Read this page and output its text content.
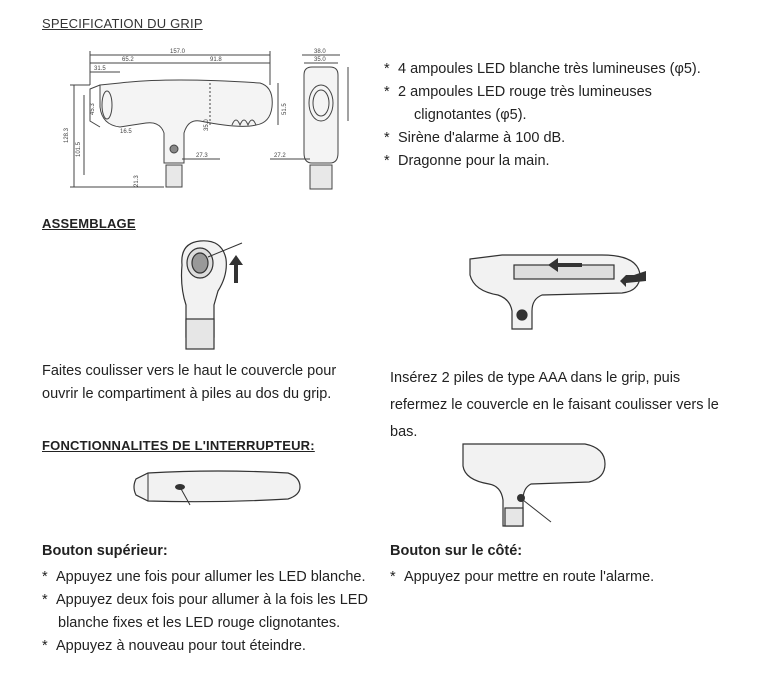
SPECIFICATION DU GRIP
157.0
65.2	91.8
31.5
16.5
128.3
101.5
21.3
45.3
35.0
51.5
27.3
38.0
35.0
27.2
* 4 ampoules LED blanche très lumineuses (φ5).
* 2 ampoules LED rouge très lumineuses
clignotantes (φ5).
* Sirène d'alarme à 100 dB.
* Dragonne pour la main.
ASSEMBLAGE
Faites coulisser vers le haut le couvercle pour ouvrir le compartiment à piles au dos du grip.
Insérez 2 piles de type AAA dans le grip, puis refermez le couvercle en le faisant coulisser vers le bas.
FONCTIONNALITES DE L'INTERRUPTEUR:
Bouton supérieur:
* Appuyez une fois pour allumer les LED blanche.
* Appuyez deux fois pour allumer à la fois les LED
blanche fixes et les LED rouge clignotantes.
* Appuyez à nouveau pour tout éteindre.
Bouton sur le côté:
* Appuyez pour mettre en route l'alarme.
